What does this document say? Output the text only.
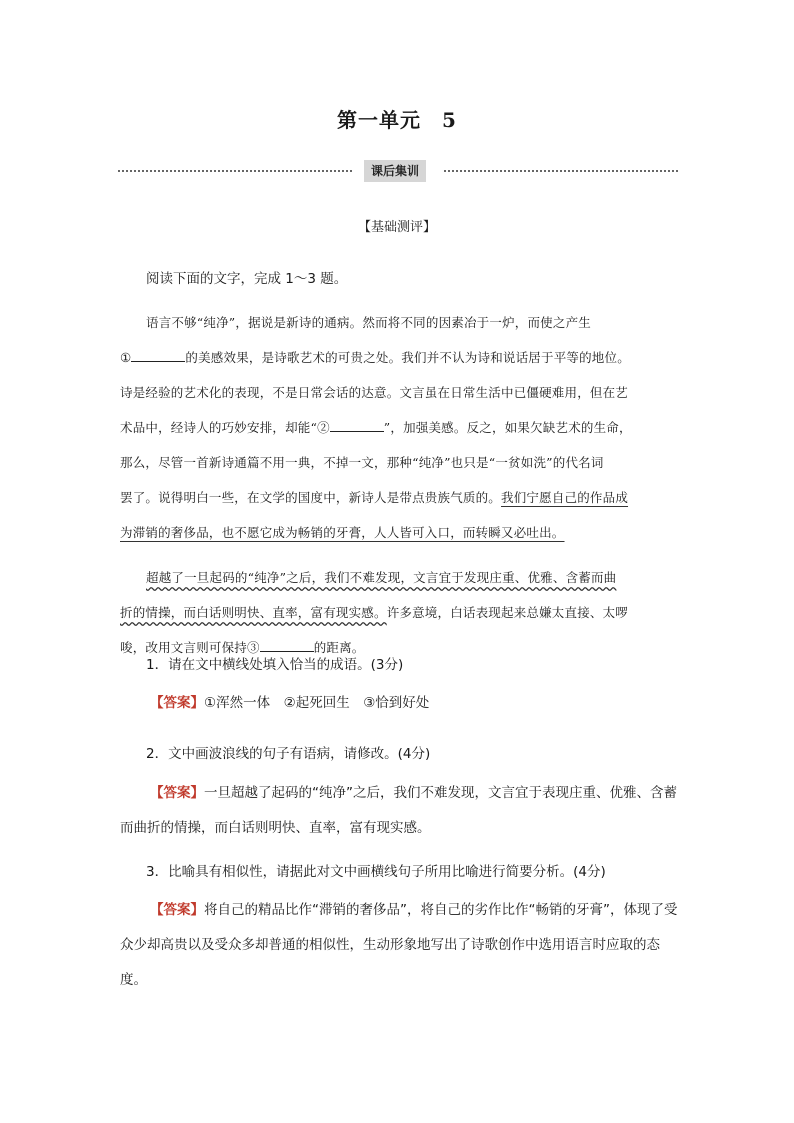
第一单元　5
课后集训
【基础测评】

阅读下面的文字，完成 1～3 题。

语言不够“纯净”，据说是新诗的通病。然而将不同的因素冶于一炉，而使之产生

①	的美感效果，是诗歌艺术的可贵之处。我们并不认为诗和说话居于平等的地位。

诗是经验的艺术化的表现，不是日常会话的达意。文言虽在日常生活中已僵硬难用，但在艺

术品中，经诗人的巧妙安排，却能“②	”，加强美感。反之，如果欠缺艺术的生命，

那么，尽管一首新诗通篇不用一典，不掉一文，那种“纯净”也只是“一贫如洗”的代名词

罢了。说得明白一些，在文学的国度中，新诗人是带点贵族气质的。我们宁愿自己的作品成

为滞销的奢侈品，也不愿它成为畅销的牙膏，人人皆可入口，而转瞬又必吐出。

超越了一旦起码的“纯净”之后，我们不难发现，文言宜于发现庄重、优雅、含蓄而曲

折的情操，而白话则明快、直率，富有现实感。许多意境，白话表现起来总嫌太直接、太啰

唆，改用文言则可保持③	的距离。

1．请在文中横线处填入恰当的成语。(3分)

【答案】①浑然一体　②起死回生　③恰到好处

2．文中画波浪线的句子有语病，请修改。(4分)

【答案】一旦超越了起码的“纯净”之后，我们不难发现，文言宜于表现庄重、优雅、含蓄而曲折的情操，而白话则明快、直率，富有现实感。

3．比喻具有相似性，请据此对文中画横线句子所用比喻进行简要分析。(4分)

【答案】将自己的精品比作“滞销的奢侈品”，将自己的劣作比作“畅销的牙膏”，体现了受众少却高贵以及受众多却普通的相似性，生动形象地写出了诗歌创作中选用语言时应取的态度。
